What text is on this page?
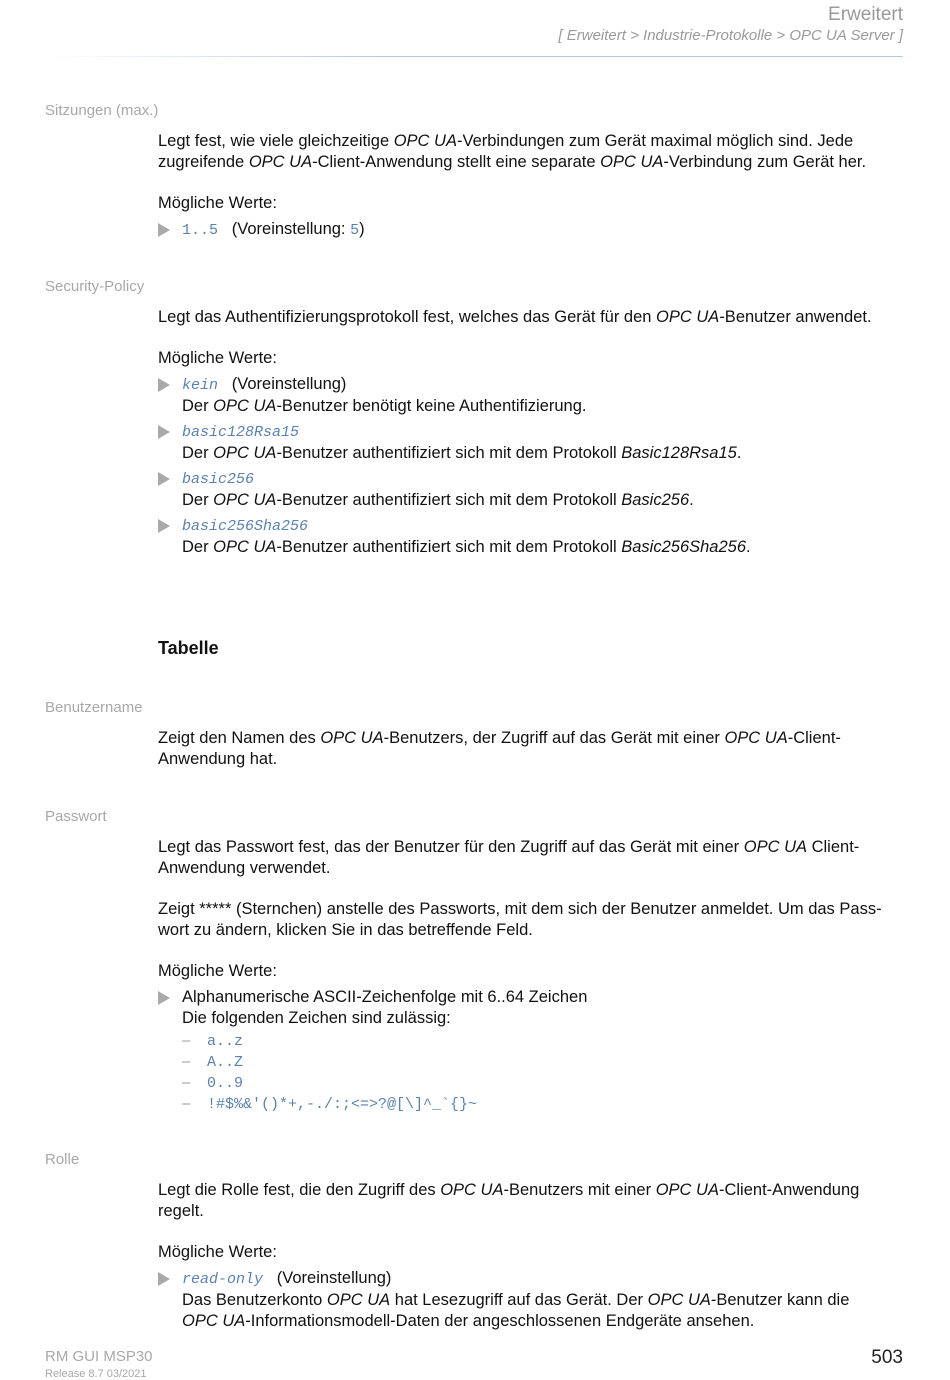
Erweitert
[ Erweitert > Industrie-Protokolle > OPC UA Server ]
Sitzungen (max.)

Legt fest, wie viele gleichzeitige OPC UA-Verbindungen zum Gerät maximal möglich sind. Jede zugreifende OPC UA-Client-Anwendung stellt eine separate OPC UA-Verbindung zum Gerät her.

Mögliche Werte:
1..5 (Voreinstellung: 5)
Security-Policy

Legt das Authentifizierungsprotokoll fest, welches das Gerät für den OPC UA-Benutzer anwendet.

Mögliche Werte:
kein (Voreinstellung)
Der OPC UA-Benutzer benötigt keine Authentifizierung.
basic128Rsa15
Der OPC UA-Benutzer authentifiziert sich mit dem Protokoll Basic128Rsa15.
basic256
Der OPC UA-Benutzer authentifiziert sich mit dem Protokoll Basic256.
basic256Sha256
Der OPC UA-Benutzer authentifiziert sich mit dem Protokoll Basic256Sha256.
Tabelle
Benutzername

Zeigt den Namen des OPC UA-Benutzers, der Zugriff auf das Gerät mit einer OPC UA-Client-Anwendung hat.

Passwort

Legt das Passwort fest, das der Benutzer für den Zugriff auf das Gerät mit einer OPC UA Client-Anwendung verwendet.

Zeigt ***** (Sternchen) anstelle des Passworts, mit dem sich der Benutzer anmeldet. Um das Pass-
wort zu ändern, klicken Sie in das betreffende Feld.

Mögliche Werte:
Alphanumerische ASCII-Zeichenfolge mit 6..64 Zeichen
Die folgenden Zeichen sind zulässig:
– a..z
– A..Z
– 0..9
– !#$%&'()*+,-./:;<=>?@[\]^_`{}~
Rolle

Legt die Rolle fest, die den Zugriff des OPC UA-Benutzers mit einer OPC UA-Client-Anwendung regelt.

Mögliche Werte:
read-only (Voreinstellung)
Das Benutzerkonto OPC UA hat Lesezugriff auf das Gerät. Der OPC UA-Benutzer kann die
OPC UA-Informationsmodell-Daten der angeschlossenen Endgeräte ansehen.
RM GUI MSP30
Release 8.7 03/2021
503
